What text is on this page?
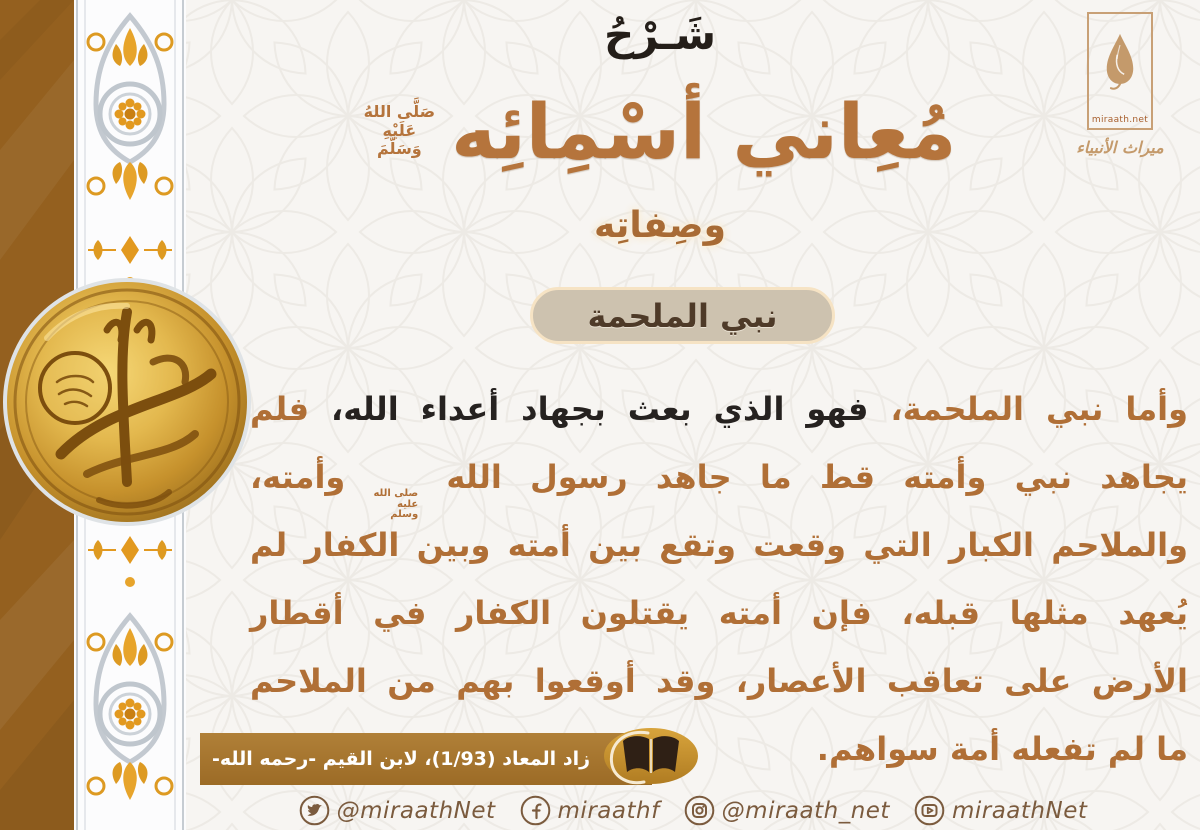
شَـرْحُ
مُعِاني أسْمِائِه
صَلَّى اللهُ
عَلَيْهِ
وَسَلَّمَ
وصِفاتِه
نبي الملحمة
وأما نبي الملحمة، فهو الذي بعث بجهاد أعداء الله، فلم
يجاهد نبي وأمته قط ما جاهد رسول الله
صلى الله
عليه
وسلم
وأمته،
والملاحم الكبار التي وقعت وتقع بين أمته وبين الكفار لم
يُعهد مثلها قبله، فإن أمته يقتلون الكفار في أقطار
الأرض على تعاقب الأعصار، وقد أوقعوا بهم من الملاحم
ما لم تفعله أمة سواهم.
زاد المعاد (1/93)، لابن القيم -رحمه الله-
@miraathNet	miraathf	@miraath_net	miraathNet
miraath.net
ميراث الأنبياء
